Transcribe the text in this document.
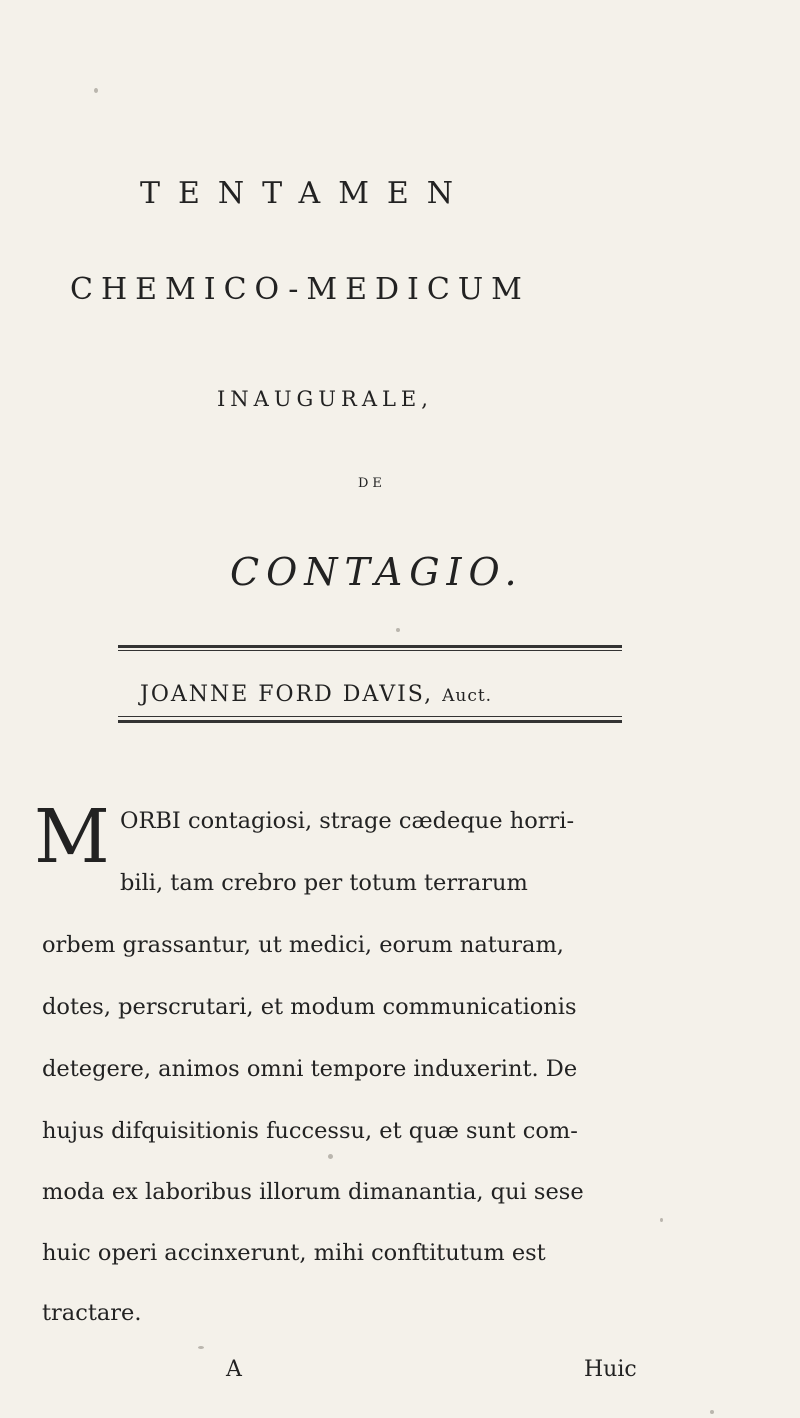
TENTAMEN
CHEMICO-MEDICUM
INAUGURALE,
DE
CONTAGIO.
JOANNE FORD DAVIS, Auct.
M ORBI contagiosi, strage cædeque horri-
bili, tam crebro per totum terrarum
orbem grassantur, ut medici, eorum naturam,
dotes, perscrutari, et modum communicationis
detegere, animos omni tempore induxerint. De
hujus difquisitionis fuccessu, et quæ sunt com-
moda ex laboribus illorum dimanantia, qui sese
huic operi accinxerunt, mihi conftitutum est
tractare.
A	Huic
